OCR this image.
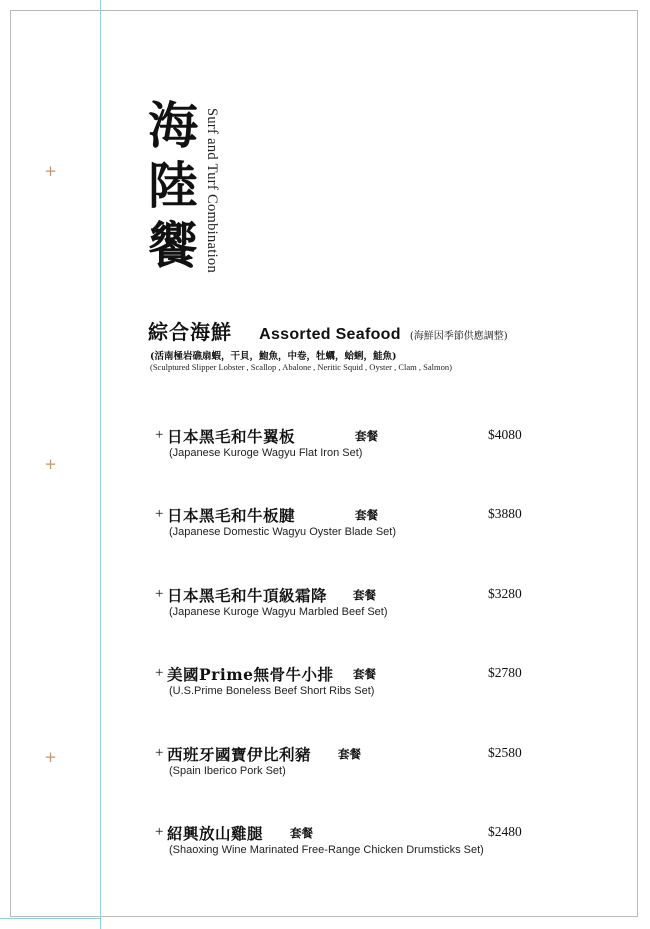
+
+
+
海
陸
饗 Surf and Turf Combination
綜合海鮮 Assorted Seafood (海鮮因季節供應調整)
(活南極岩礁扇蝦，干貝，鮑魚，中卷，牡蠣，蛤蜊，鮭魚)
(Sculptured Slipper Lobster , Scallop , Abalone , Neritic Squid , Oyster , Clam , Salmon)
+ 日本黑毛和牛翼板	套餐	$4080
(Japanese Kuroge Wagyu Flat Iron Set)
+ 日本黑毛和牛板腱	套餐	$3880
(Japanese Domestic Wagyu Oyster Blade Set)
+ 日本黑毛和牛頂級霜降 套餐	$3280
(Japanese Kuroge Wagyu Marbled Beef Set)
+ 美國Prime無骨牛小排 套餐	$2780
(U.S.Prime Boneless Beef Short Ribs Set)
+ 西班牙國寶伊比利豬 套餐	$2580
(Spain Iberico Pork Set)
+ 紹興放山雞腿 套餐	$2480
(Shaoxing Wine Marinated Free-Range Chicken Drumsticks Set)
